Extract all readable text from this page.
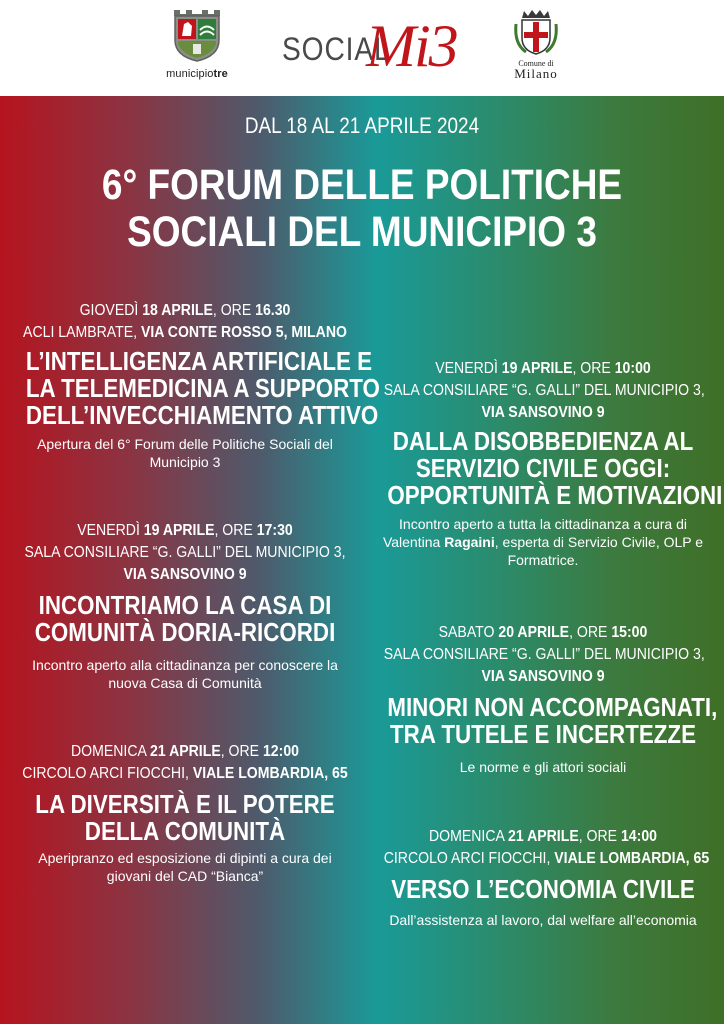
municipiotre
SOCIAL
Mi3	Comune di
Milano
DAL 18 AL 21 APRILE 2024
6° FORUM DELLE POLITICHE
SOCIALI DEL MUNICIPIO 3
GIOVEDÌ 18 APRILE, ORE 16.30
ACLI LAMBRATE, VIA CONTE ROSSO 5, MILANO
L’INTELLIGENZA ARTIFICIALE E
LA TELEMEDICINA A SUPPORTO
DELL’INVECCHIAMENTO ATTIVO
Apertura del 6° Forum delle Politiche Sociali del
Municipio 3
VENERDÌ 19 APRILE, ORE 10:00
SALA CONSILIARE “G. GALLI” DEL MUNICIPIO 3,
VIA SANSOVINO 9
DALLA DISOBBEDIENZA AL
SERVIZIO CIVILE OGGI:
OPPORTUNITÀ E MOTIVAZIONI
Incontro aperto a tutta la cittadinanza a cura di
Valentina Ragaini, esperta di Servizio Civile, OLP e
Formatrice.
VENERDÌ 19 APRILE, ORE 17:30
SALA CONSILIARE “G. GALLI” DEL MUNICIPIO 3,
VIA SANSOVINO 9
INCONTRIAMO LA CASA DI
COMUNITÀ DORIA-RICORDI
Incontro aperto alla cittadinanza per conoscere la
nuova Casa di Comunità
SABATO 20 APRILE, ORE 15:00
SALA CONSILIARE “G. GALLI” DEL MUNICIPIO 3,
VIA SANSOVINO 9
MINORI NON ACCOMPAGNATI,
TRA TUTELE E INCERTEZZE
Le norme e gli attori sociali
DOMENICA 21 APRILE, ORE 12:00
CIRCOLO ARCI FIOCCHI, VIALE LOMBARDIA, 65
LA DIVERSITÀ E IL POTERE
DELLA COMUNITÀ
Aperipranzo ed esposizione di dipinti a cura dei
giovani del CAD “Bianca”
DOMENICA 21 APRILE, ORE 14:00
CIRCOLO ARCI FIOCCHI, VIALE LOMBARDIA, 65
VERSO L’ECONOMIA CIVILE
Dall’assistenza al lavoro, dal welfare all’economia
